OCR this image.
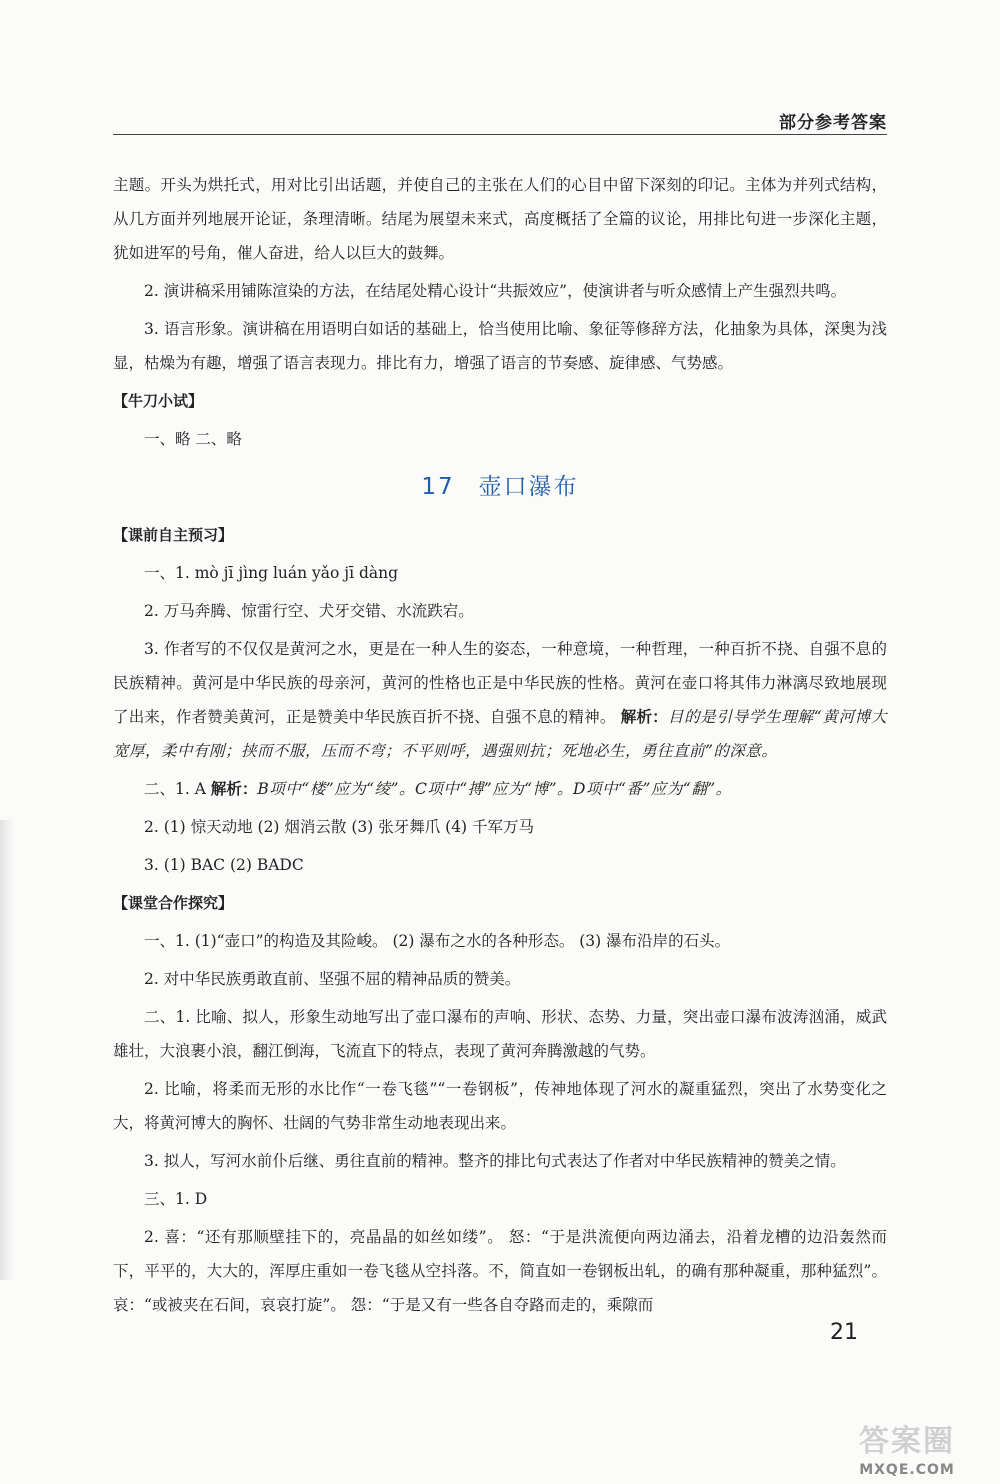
部分参考答案

主题。开头为烘托式，用对比引出话题，并使自己的主张在人们的心目中留下深刻的印记。主体为并列式结构，从几方面并列地展开论证，条理清晰。结尾为展望未来式，高度概括了全篇的议论，用排比句进一步深化主题，犹如进军的号角，催人奋进，给人以巨大的鼓舞。

2. 演讲稿采用铺陈渲染的方法，在结尾处精心设计“共振效应”，使演讲者与听众感情上产生强烈共鸣。

3. 语言形象。演讲稿在用语明白如话的基础上，恰当使用比喻、象征等修辞方法，化抽象为具体，深奥为浅显，枯燥为有趣，增强了语言表现力。排比有力，增强了语言的节奏感、旋律感、气势感。

【牛刀小试】

一、略 二、略

17 壶口瀑布

【课前自主预习】

一、1. mò jī jìng luán yǎo jī dàng

2. 万马奔腾、惊雷行空、犬牙交错、水流跌宕。

3. 作者写的不仅仅是黄河之水，更是在一种人生的姿态，一种意境，一种哲理，一种百折不挠、自强不息的民族精神。黄河是中华民族的母亲河，黄河的性格也正是中华民族的性格。黄河在壶口将其伟力淋漓尽致地展现了出来，作者赞美黄河，正是赞美中华民族百折不挠、自强不息的精神。 解析：目的是引导学生理解“黄河博大宽厚，柔中有刚；挟而不服，压而不弯；不平则呼，遇强则抗；死地必生，勇往直前”的深意。

二、1. A 解析：B项中“楼”应为“绫”。C项中“搏”应为“博”。D项中“番”应为“翻”。

2. (1) 惊天动地 (2) 烟消云散 (3) 张牙舞爪 (4) 千军万马

3. (1) BAC (2) BADC

【课堂合作探究】

一、1. (1)“壶口”的构造及其险峻。 (2) 瀑布之水的各种形态。 (3) 瀑布沿岸的石头。

2. 对中华民族勇敢直前、坚强不屈的精神品质的赞美。

二、1. 比喻、拟人，形象生动地写出了壶口瀑布的声响、形状、态势、力量，突出壶口瀑布波涛汹涌，威武雄壮，大浪裹小浪，翻江倒海，飞流直下的特点，表现了黄河奔腾激越的气势。

2. 比喻，将柔而无形的水比作“一卷飞毯”“一卷钢板”，传神地体现了河水的凝重猛烈，突出了水势变化之大，将黄河博大的胸怀、壮阔的气势非常生动地表现出来。

3. 拟人，写河水前仆后继、勇往直前的精神。整齐的排比句式表达了作者对中华民族精神的赞美之情。

三、1. D

2. 喜：“还有那顺壁挂下的，亮晶晶的如丝如缕”。 怒：“于是洪流便向两边涌去，沿着龙槽的边沿轰然而下，平平的，大大的，浑厚庄重如一卷飞毯从空抖落。不，简直如一卷钢板出轧，的确有那种凝重，那种猛烈”。 哀：“或被夹在石间，哀哀打旋”。 怨：“于是又有一些各自夺路而走的，乘隙而

21
答案圈
MXQE.COM
